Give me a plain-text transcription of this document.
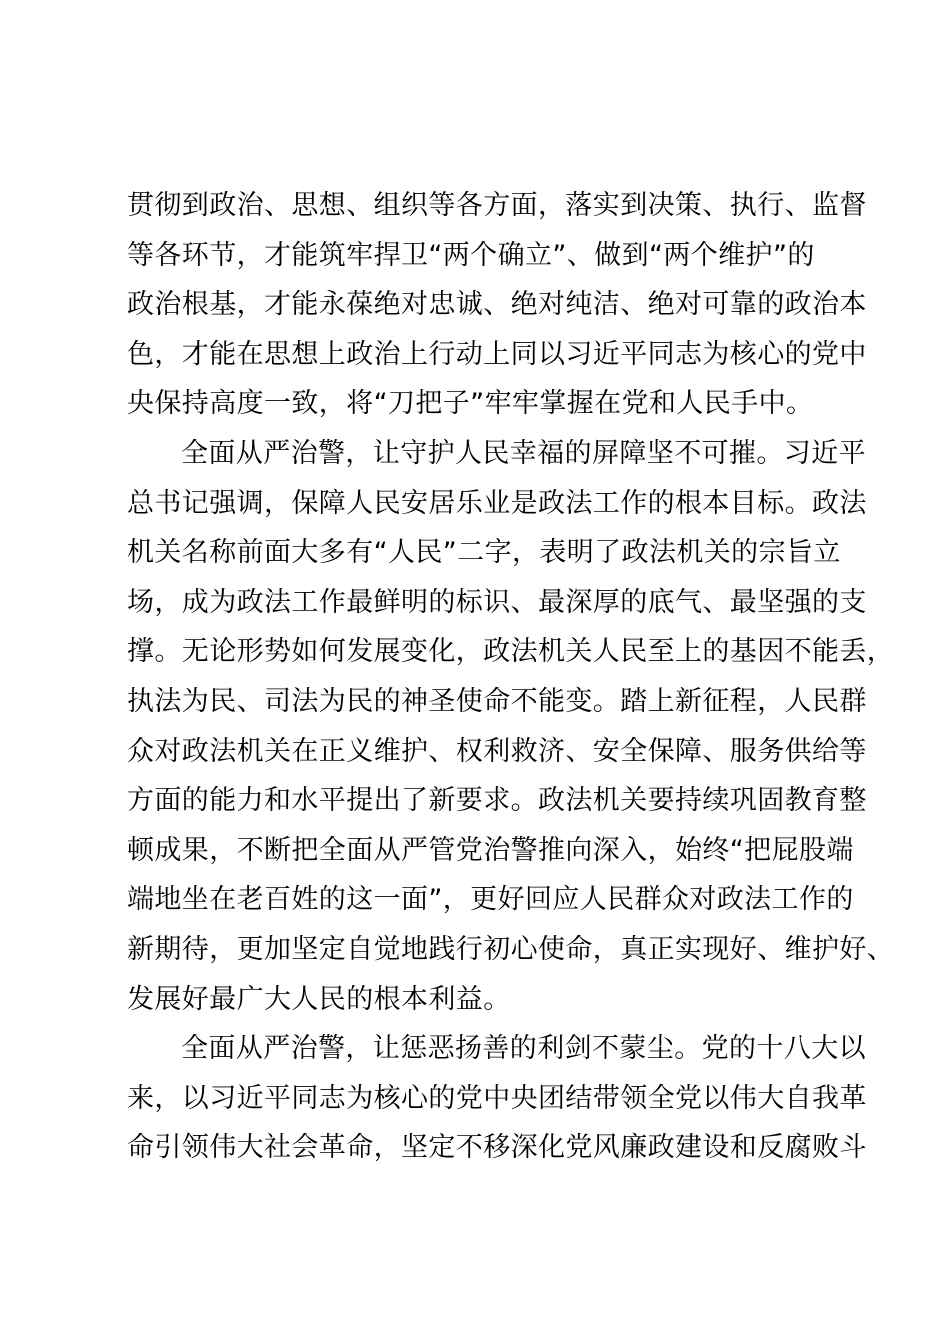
贯彻到政治、思想、组织等各方面，落实到决策、执行、监督
等各环节，才能筑牢捍卫“两个确立”、做到“两个维护”的
政治根基，才能永葆绝对忠诚、绝对纯洁、绝对可靠的政治本
色，才能在思想上政治上行动上同以习近平同志为核心的党中
央保持高度一致，将“刀把子”牢牢掌握在党和人民手中。
全面从严治警，让守护人民幸福的屏障坚不可摧。习近平
总书记强调，保障人民安居乐业是政法工作的根本目标。政法
机关名称前面大多有“人民”二字，表明了政法机关的宗旨立
场，成为政法工作最鲜明的标识、最深厚的底气、最坚强的支
撑。无论形势如何发展变化，政法机关人民至上的基因不能丢，
执法为民、司法为民的神圣使命不能变。踏上新征程，人民群
众对政法机关在正义维护、权利救济、安全保障、服务供给等
方面的能力和水平提出了新要求。政法机关要持续巩固教育整
顿成果，不断把全面从严管党治警推向深入，始终“把屁股端
端地坐在老百姓的这一面”，更好回应人民群众对政法工作的
新期待，更加坚定自觉地践行初心使命，真正实现好、维护好、
发展好最广大人民的根本利益。
全面从严治警，让惩恶扬善的利剑不蒙尘。党的十八大以
来，以习近平同志为核心的党中央团结带领全党以伟大自我革
命引领伟大社会革命，坚定不移深化党风廉政建设和反腐败斗
